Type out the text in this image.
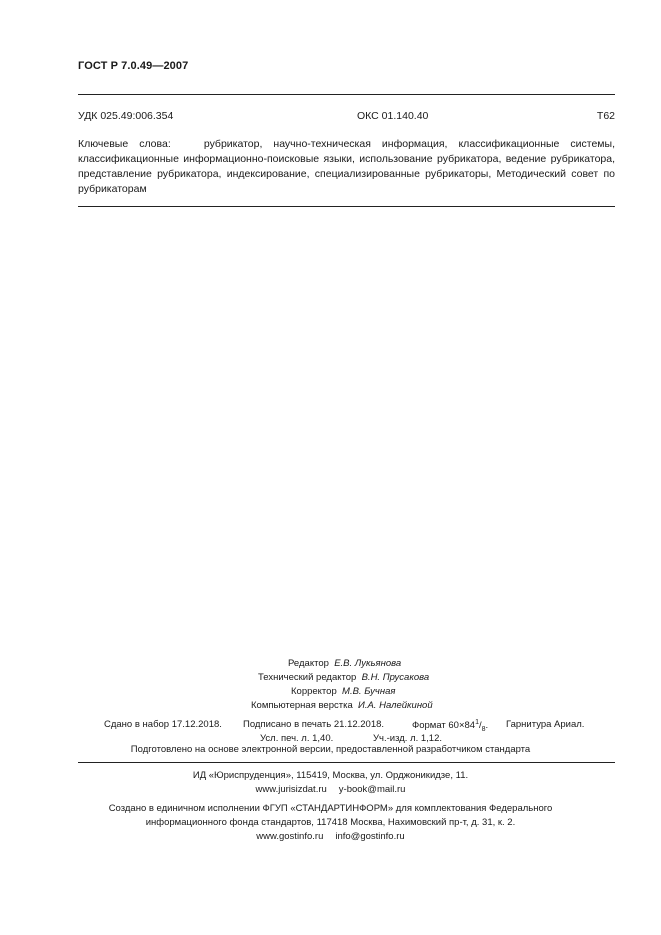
ГОСТ Р 7.0.49—2007
УДК 025.49:006.354	ОКС 01.140.40	Т62
Ключевые слова:	рубрикатор, научно-техническая информация, классификационные системы, классификационные информационно-поисковые языки, использование рубрикатора, ведение рубрикатора, представление рубрикатора, индексирование, специализированные рубрикаторы, Методический совет по рубрикаторам
Редактор Е.В. Лукьянова
Технический редактор В.Н. Прусакова
Корректор М.В. Бучная
Компьютерная верстка И.А. Налейкиной
Сдано в набор 17.12.2018. Подписано в печать 21.12.2018.	Формат $60\times 84^1/_8$. Гарнитура Ариал.
Усл. печ. л. 1,40.	Уч.-изд. л. 1,12.
Подготовлено на основе электронной версии, предоставленной разработчиком стандарта
ИД «Юриспруденция», 115419, Москва, ул. Орджоникидзе, 11.
www.jurisizdat.ru y-book@mail.ru
Создано в единичном исполнении ФГУП «СТАНДАРТИНФОРМ» для комплектования Федерального
информационного фонда стандартов, 117418 Москва, Нахимовский пр-т, д. 31, к. 2.
www.gostinfo.ru info@gostinfo.ru
